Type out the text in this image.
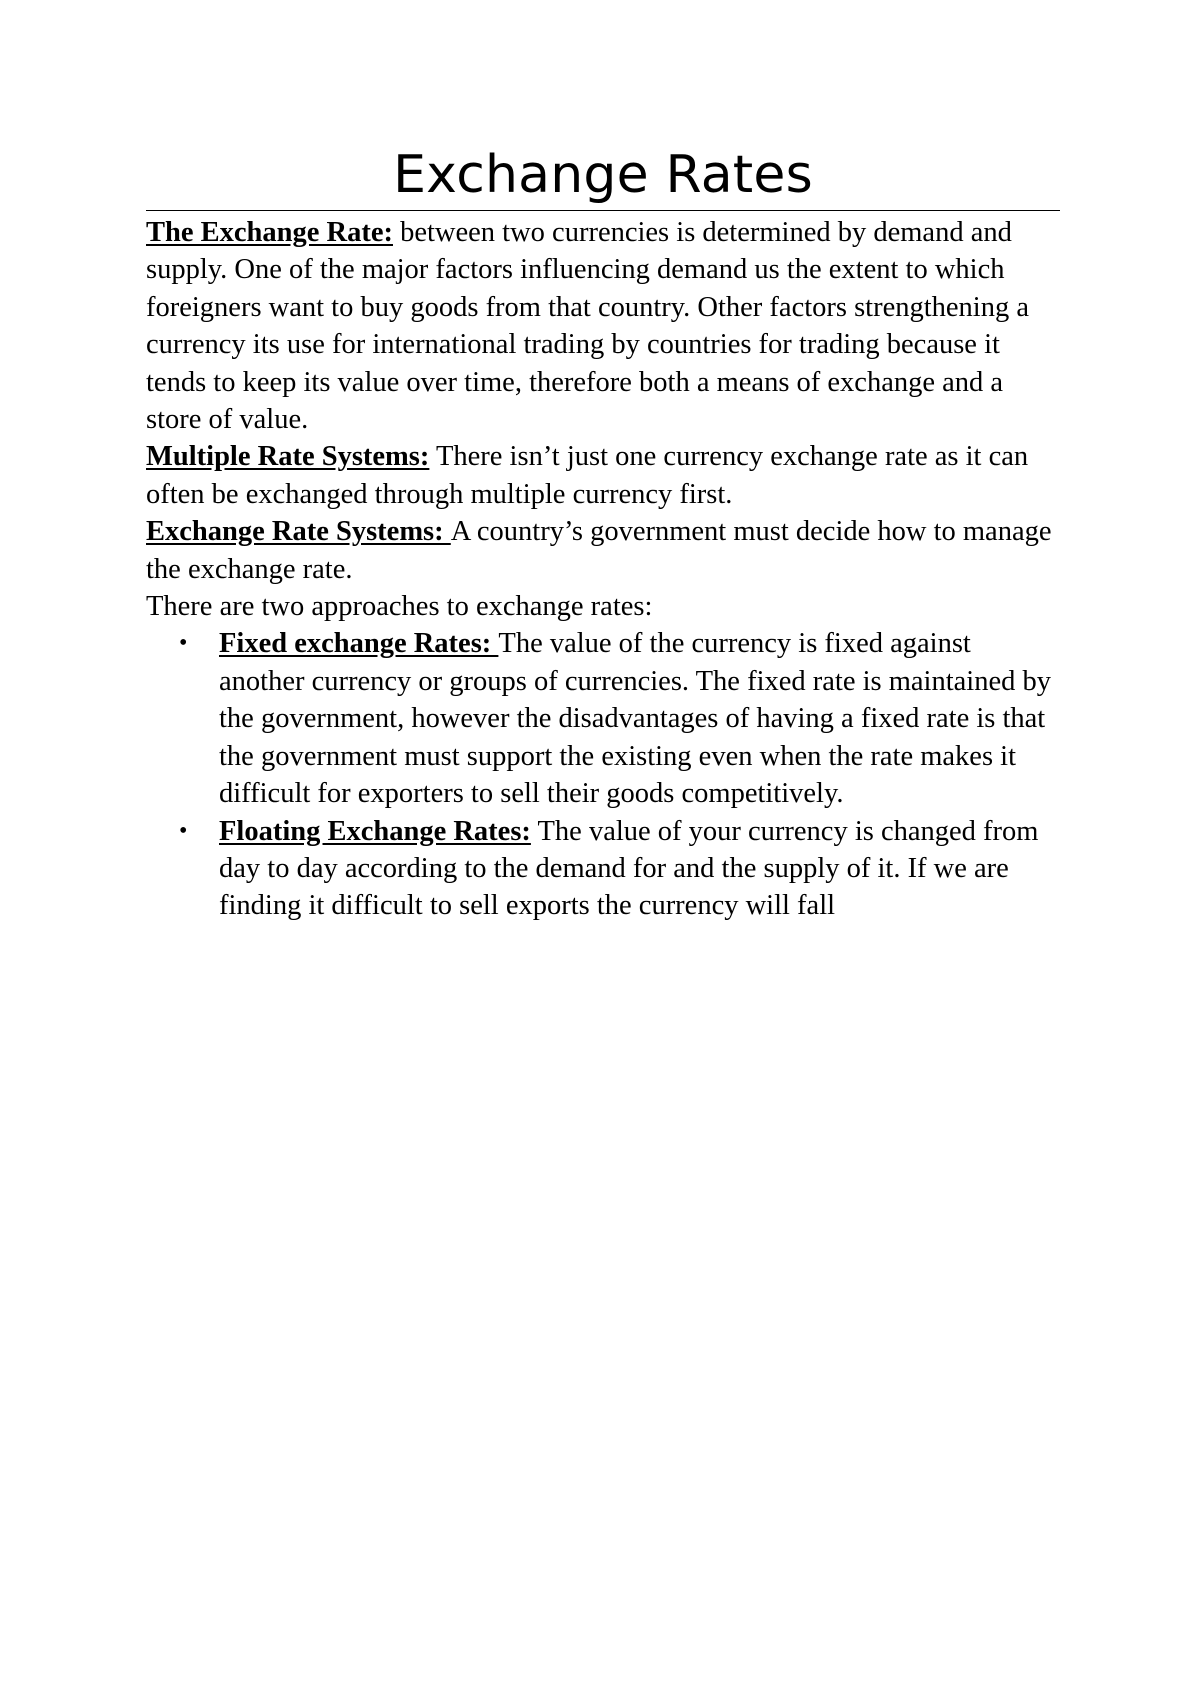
Exchange Rates

The Exchange Rate: between two currencies is determined by demand and supply. One of the major factors influencing demand us the extent to which foreigners want to buy goods from that country. Other factors strengthening a currency its use for international trading by countries for trading because it tends to keep its value over time, therefore both a means of exchange and a store of value.

Multiple Rate Systems: There isn’t just one currency exchange rate as it can often be exchanged through multiple currency first.

Exchange Rate Systems: A country’s government must decide how to manage the exchange rate.

There are two approaches to exchange rates:

• Fixed exchange Rates: The value of the currency is fixed against another currency or groups of currencies. The fixed rate is maintained by the government, however the disadvantages of having a fixed rate is that the government must support the existing even when the rate makes it difficult for exporters to sell their goods competitively.
• Floating Exchange Rates: The value of your currency is changed from day to day according to the demand for and the supply of it. If we are finding it difficult to sell exports the currency will fall
